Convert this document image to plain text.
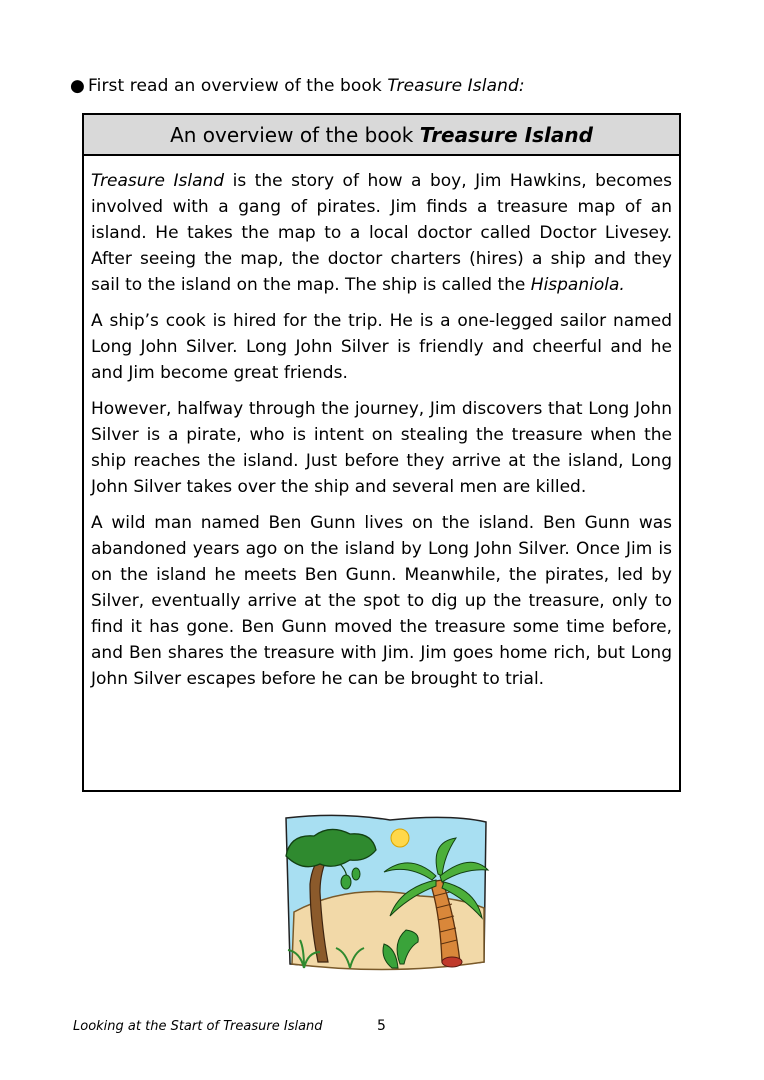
● First read an overview of the book Treasure Island:
An overview of the book Treasure Island

Treasure Island is the story of how a boy, Jim Hawkins, becomes involved with a gang of pirates. Jim finds a treasure map of an island. He takes the map to a local doctor called Doctor Livesey. After seeing the map, the doctor charters (hires) a ship and they sail to the island on the map. The ship is called the Hispaniola.

A ship’s cook is hired for the trip. He is a one-legged sailor named Long John Silver. Long John Silver is friendly and cheerful and he and Jim become great friends.

However, halfway through the journey, Jim discovers that Long John Silver is a pirate, who is intent on stealing the treasure when the ship reaches the island. Just before they arrive at the island, Long John Silver takes over the ship and several men are killed.

A wild man named Ben Gunn lives on the island. Ben Gunn was abandoned years ago on the island by Long John Silver. Once Jim is on the island he meets Ben Gunn. Meanwhile, the pirates, led by Silver, eventually arrive at the spot to dig up the treasure, only to find it has gone. Ben Gunn moved the treasure some time before, and Ben shares the treasure with Jim. Jim goes home rich, but Long John Silver escapes before he can be brought to trial.

Looking at the Start of Treasure Island	5
